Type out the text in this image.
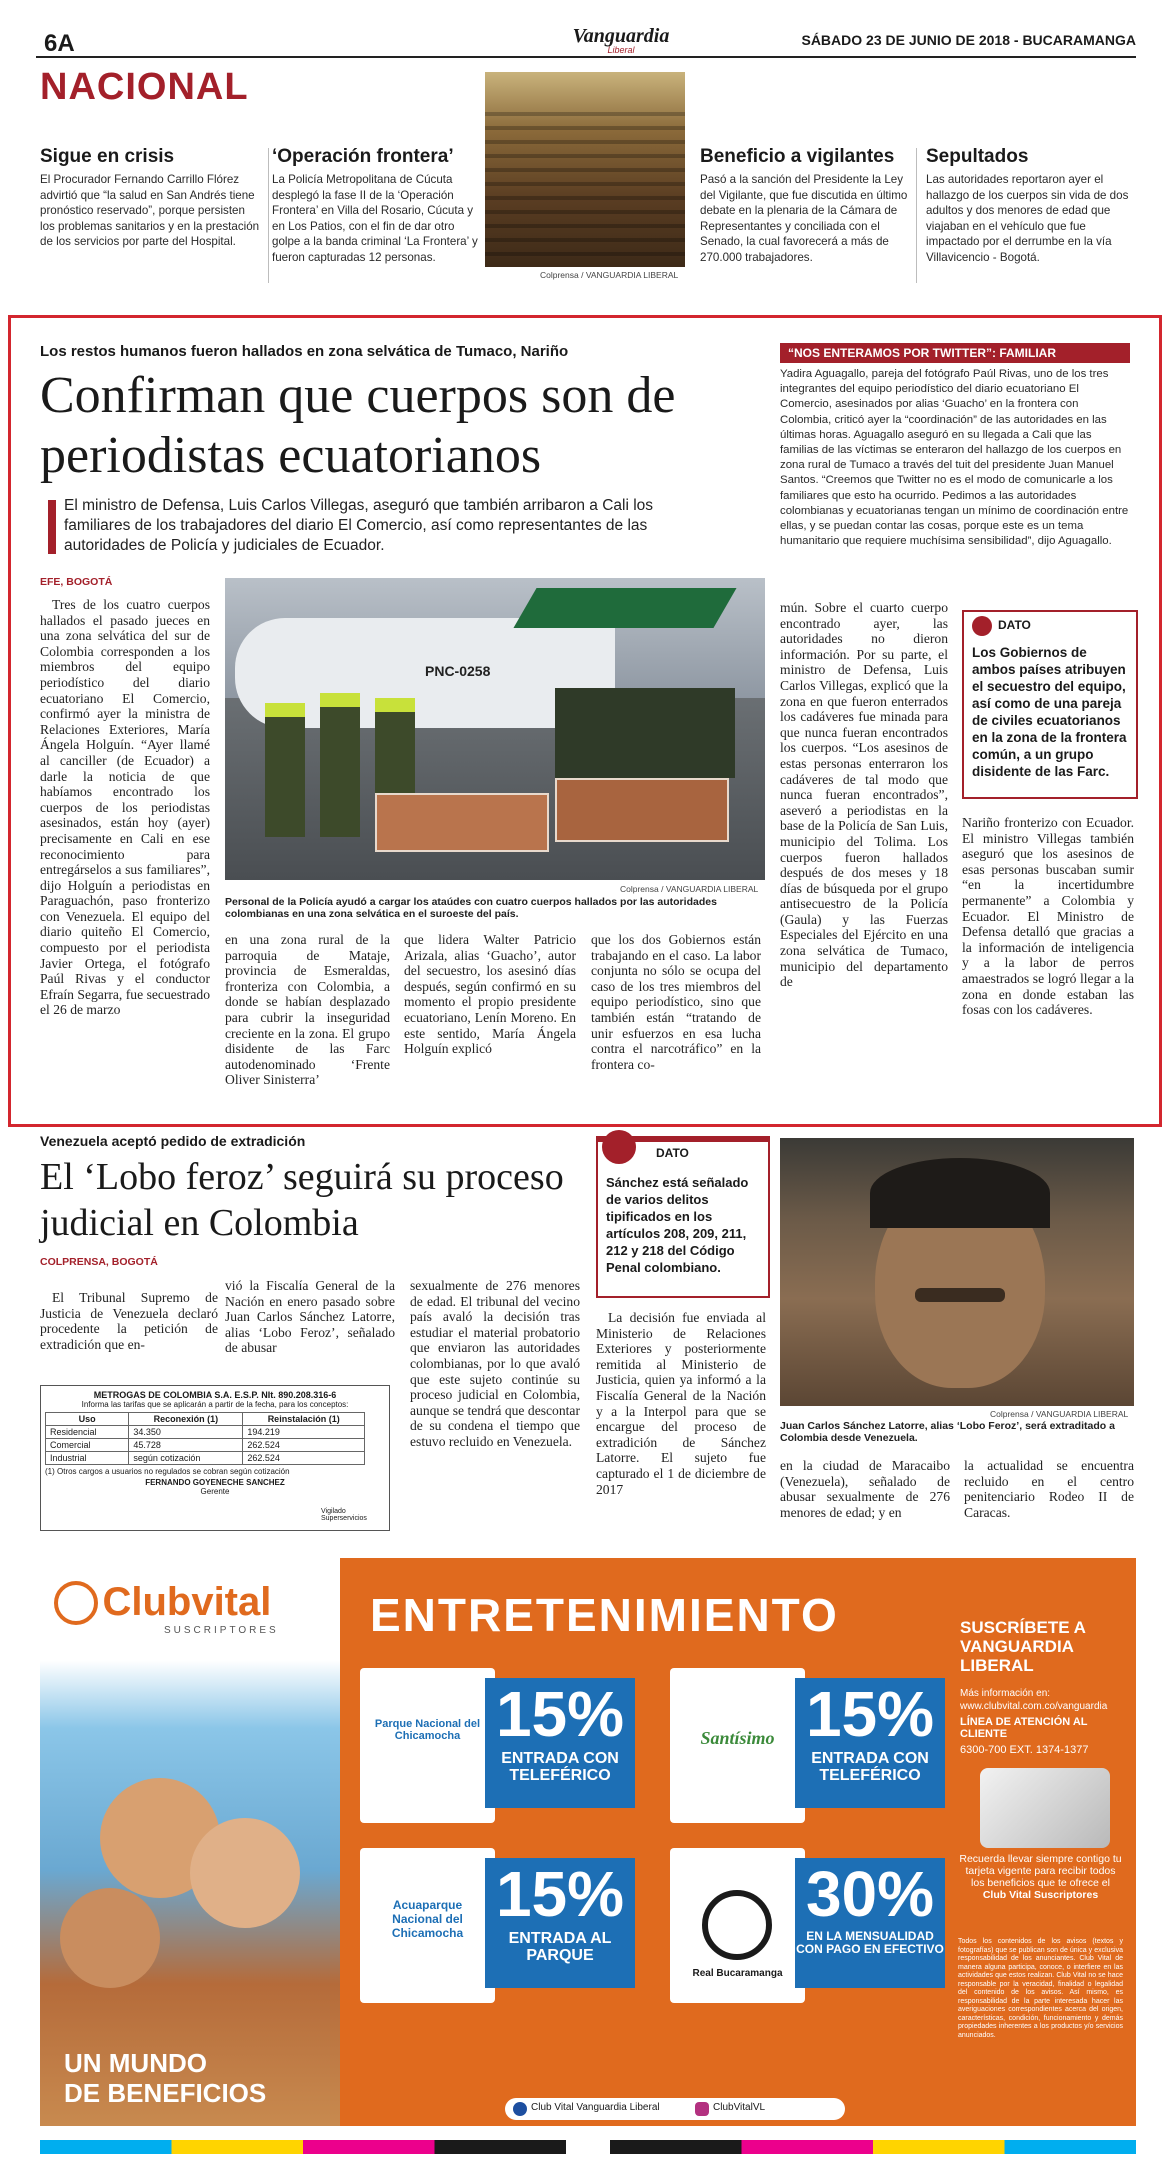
6A	Vanguardia
Liberal
SÁBADO 23 DE JUNIO DE 2018 - BUCARAMANGA
NACIONAL
Sigue en crisis
El Procurador Fernando Carrillo Flórez advirtió que “la salud en San Andrés tiene pronóstico reservado”, porque persisten los problemas sanitarios y en la prestación de los servicios por parte del Hospital.
‘Operación frontera’
La Policía Metropolitana de Cúcuta desplegó la fase II de la ‘Operación Frontera’ en Villa del Rosario, Cúcuta y en Los Patios, con el fin de dar otro golpe a la banda criminal ‘La Frontera’ y fueron capturadas 12 personas.
Colprensa / VANGUARDIA LIBERAL
Beneficio a vigilantes
Pasó a la sanción del Presidente la Ley del Vigilante, que fue discutida en último debate en la plenaria de la Cámara de Representantes y conciliada con el Senado, la cual favorecerá a más de 270.000 trabajadores.
Sepultados
Las autoridades reportaron ayer el hallazgo de los cuerpos sin vida de dos adultos y dos menores de edad que viajaban en el vehículo que fue impactado por el derrumbe en la vía Villavicencio - Bogotá.
Los restos humanos fueron hallados en zona selvática de Tumaco, Nariño
Confirman que cuerpos son de periodistas ecuatorianos
El ministro de Defensa, Luis Carlos Villegas, aseguró que también arribaron a Cali los familiares de los trabajadores del diario El Comercio, así como representantes de las autoridades de Policía y judiciales de Ecuador.
EFE, BOGOTÁ

Tres de los cuatro cuerpos hallados el pasado jueces en una zona selvática del sur de Colombia corresponden a los miembros del equipo periodístico del diario ecuatoriano El Comercio, confirmó ayer la ministra de Relaciones Exteriores, María Ángela Holguín. “Ayer llamé al canciller (de Ecuador) a darle la noticia de que habíamos encontrado los cuerpos de los periodistas asesinados, están hoy (ayer) precisamente en Cali en ese reconocimiento para entregárselos a sus familiares”, dijo Holguín a periodistas en Paraguachón, paso fronterizo con Venezuela. El equipo del diario quiteño El Comercio, compuesto por el periodista Javier Ortega, el fotógrafo Paúl Rivas y el conductor Efraín Segarra, fue secuestrado el 26 de marzo

PNC-0258
Colprensa / VANGUARDIA LIBERAL
Personal de la Policía ayudó a cargar los ataúdes con cuatro cuerpos hallados por las autoridades colombianas en una zona selvática en el suroeste del país.

en una zona rural de la parroquia de Mataje, provincia de Esmeraldas, fronteriza con Colombia, a donde se habían desplazado para cubrir la inseguridad creciente en la zona. El grupo disidente de las Farc autodenominado ‘Frente Oliver Sinisterra’

que lidera Walter Patricio Arizala, alias ‘Guacho’, autor del secuestro, los asesinó días después, según confirmó en su momento el propio presidente ecuatoriano, Lenín Moreno. En este sentido, María Ángela Holguín explicó

que los dos Gobiernos están trabajando en el caso. La labor conjunta no sólo se ocupa del caso de los tres miembros del equipo periodístico, sino que también están “tratando de unir esfuerzos en esa lucha contra el narcotráfico” en la frontera co-

mún. Sobre el cuarto cuerpo encontrado ayer, las autoridades no dieron información. Por su parte, el ministro de Defensa, Luis Carlos Villegas, explicó que la zona en que fueron enterrados los cadáveres fue minada para que nunca fueran encontrados los cuerpos. “Los asesinos de estas personas enterraron los cadáveres de tal modo que nunca fueran encontrados”, aseveró a periodistas en la base de la Policía de San Luis, municipio del Tolima. Los cuerpos fueron hallados después de dos meses y 18 días de búsqueda por el grupo antisecuestro de la Policía (Gaula) y las Fuerzas Especiales del Ejército en una zona selvática de Tumaco, municipio del departamento de

“NOS ENTERAMOS POR TWITTER”: FAMILIAR
Yadira Aguagallo, pareja del fotógrafo Paúl Rivas, uno de los tres integrantes del equipo periodístico del diario ecuatoriano El Comercio, asesinados por alias ‘Guacho’ en la frontera con Colombia, criticó ayer la “coordinación” de las autoridades en las últimas horas. Aguagallo aseguró en su llegada a Cali que las familias de las víctimas se enteraron del hallazgo de los cuerpos en zona rural de Tumaco a través del tuit del presidente Juan Manuel Santos. “Creemos que Twitter no es el modo de comunicarle a los familiares que esto ha ocurrido. Pedimos a las autoridades colombianas y ecuatorianas tengan un mínimo de coordinación entre ellas, y se puedan contar las cosas, porque este es un tema humanitario que requiere muchísima sensibilidad”, dijo Aguagallo.
DATO
Los Gobiernos de ambos países atribuyen el secuestro del equipo, así como de una pareja de civiles ecuatorianos en la zona de la frontera común, a un grupo disidente de las Farc.

Nariño fronterizo con Ecuador. El ministro Villegas también aseguró que los asesinos de esas personas buscaban sumir “en la incertidumbre permanente” a Colombia y Ecuador. El Ministro de Defensa detalló que gracias a la información de inteligencia y a la labor de perros amaestrados se logró llegar a la zona en donde estaban las fosas con los cadáveres.

Venezuela aceptó pedido de extradición
El ‘Lobo feroz’ seguirá su proceso judicial en Colombia
COLPRENSA, BOGOTÁ

El Tribunal Supremo de Justicia de Venezuela declaró procedente la petición de extradición que en-

vió la Fiscalía General de la Nación en enero pasado sobre Juan Carlos Sánchez Latorre, alias ‘Lobo Feroz’, señalado de abusar

sexualmente de 276 menores de edad. El tribunal del vecino país avaló la decisión tras estudiar el material probatorio que enviaron las autoridades colombianas, por lo que avaló que este sujeto continúe su proceso judicial en Colombia, aunque se tendrá que descontar de su condena el tiempo que estuvo recluido en Venezuela.

METROGAS DE COLOMBIA S.A. E.S.P. NIt. 890.208.316-6
Informa las tarifas que se aplicarán a partir de la fecha, para los conceptos:
Uso	Reconexión (1)	Reinstalación (1)
Residencial	34.350	194.219
Comercial	45.728	262.524
Industrial	según cotización	262.524
(1) Otros cargos a usuarios no regulados se cobran según cotización
FERNANDO GOYENECHE SANCHEZ
Gerente
Vigilado Superservicios
DATO
Sánchez está señalado de varios delitos tipificados en los artículos 208, 209, 211, 212 y 218 del Código Penal colombiano.

La decisión fue enviada al Ministerio de Relaciones Exteriores y posteriormente remitida al Ministerio de Justicia, quien ya informó a la Fiscalía General de la Nación y a la Interpol para que se encargue del proceso de extradición de Sánchez Latorre. El sujeto fue capturado el 1 de diciembre de 2017

Colprensa / VANGUARDIA LIBERAL
Juan Carlos Sánchez Latorre, alias ‘Lobo Feroz’, será extraditado a Colombia desde Venezuela.

en la ciudad de Maracaibo (Venezuela), señalado de abusar sexualmente de 276 menores de edad; y en

la actualidad se encuentra recluido en el centro penitenciario Rodeo II de Caracas.

Clubvital
SUSCRIPTORES
UN MUNDO
DE BENEFICIOS
ENTRETENIMIENTO
Parque Nacional del Chicamocha 15%
ENTRADA CON TELEFÉRICO
Santísimo 15%
ENTRADA CON TELEFÉRICO
Acuaparque Nacional del Chicamocha
15%
ENTRADA AL PARQUE
Real Bucaramanga
30%
EN LA MENSUALIDAD CON PAGO EN EFECTIVO
SUSCRÍBETE A VANGUARDIA LIBERAL
Más información en:
www.clubvital.com.co/vanguardia
LÍNEA DE ATENCIÓN AL CLIENTE
6300-700 EXT. 1374-1377
Recuerda llevar siempre contigo tu tarjeta vigente para recibir todos los beneficios que te ofrece el
Club Vital Suscriptores
Todos los contenidos de los avisos (textos y fotografías) que se publican son de única y exclusiva responsabilidad de los anunciantes. Club Vital de manera alguna participa, conoce, o interfiere en las actividades que estos realizan. Club Vital no se hace responsable por la veracidad, finalidad o legalidad del contenido de los avisos. Así mismo, es responsabilidad de la parte interesada hacer las averiguaciones correspondientes acerca del origen, características, condición, funcionamiento y demás propiedades inherentes a los productos y/o servicios anunciados.
Club Vital Vanguardia Liberal	ClubVitalVL
